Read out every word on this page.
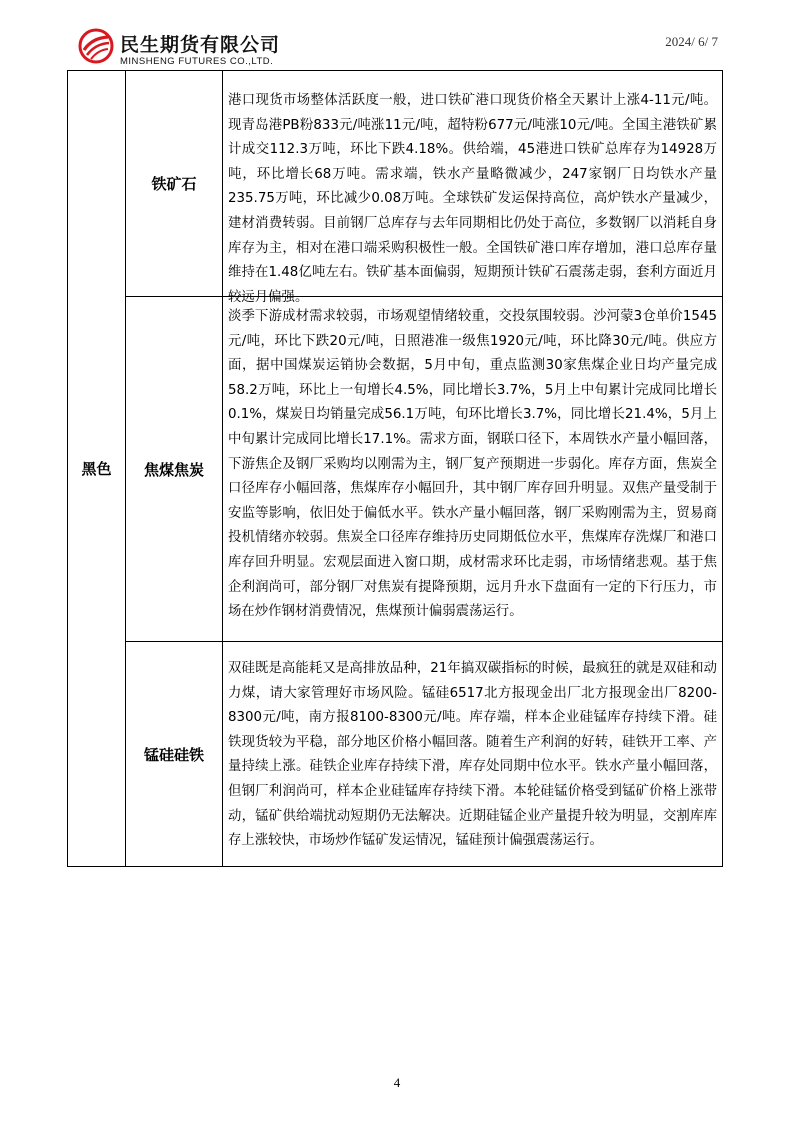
民生期货有限公司
MINSHENG FUTURES CO.,LTD.
2024/ 6/ 7
黑色
铁矿石
港口现货市场整体活跃度一般，进口铁矿港口现货价格全天累计上涨4-11元/吨。现青岛港PB粉833元/吨涨11元/吨，超特粉677元/吨涨10元/吨。全国主港铁矿累计成交112.3万吨，环比下跌4.18%。供给端，45港进口铁矿总库存为14928万吨，环比增长68万吨。需求端，铁水产量略微减少，247家钢厂日均铁水产量235.75万吨，环比减少0.08万吨。全球铁矿发运保持高位，高炉铁水产量减少，建材消费转弱。目前钢厂总库存与去年同期相比仍处于高位，多数钢厂以消耗自身库存为主，相对在港口端采购积极性一般。全国铁矿港口库存增加，港口总库存量维持在1.48亿吨左右。铁矿基本面偏弱，短期预计铁矿石震荡走弱，套利方面近月较远月偏强。
焦煤焦炭
淡季下游成材需求较弱，市场观望情绪较重，交投氛围较弱。沙河蒙3仓单价1545元/吨，环比下跌20元/吨，日照港准一级焦1920元/吨，环比降30元/吨。供应方面，据中国煤炭运销协会数据，5月中旬，重点监测30家焦煤企业日均产量完成58.2万吨，环比上一旬增长4.5%，同比增长3.7%，5月上中旬累计完成同比增长0.1%，煤炭日均销量完成56.1万吨，旬环比增长3.7%，同比增长21.4%，5月上中旬累计完成同比增长17.1%。需求方面，钢联口径下，本周铁水产量小幅回落，下游焦企及钢厂采购均以刚需为主，钢厂复产预期进一步弱化。库存方面，焦炭全口径库存小幅回落，焦煤库存小幅回升，其中钢厂库存回升明显。双焦产量受制于安监等影响，依旧处于偏低水平。铁水产量小幅回落，钢厂采购刚需为主，贸易商投机情绪亦较弱。焦炭全口径库存维持历史同期低位水平，焦煤库存洗煤厂和港口库存回升明显。宏观层面进入窗口期，成材需求环比走弱，市场情绪悲观。基于焦企利润尚可，部分钢厂对焦炭有提降预期，远月升水下盘面有一定的下行压力，市场在炒作钢材消费情况，焦煤预计偏弱震荡运行。
锰硅硅铁
双硅既是高能耗又是高排放品种，21年搞双碳指标的时候，最疯狂的就是双硅和动力煤，请大家管理好市场风险。锰硅6517北方报现金出厂北方报现金出厂8200-8300元/吨，南方报8100-8300元/吨。库存端，样本企业硅锰库存持续下滑。硅铁现货较为平稳，部分地区价格小幅回落。随着生产利润的好转，硅铁开工率、产量持续上涨。硅铁企业库存持续下滑，库存处同期中位水平。铁水产量小幅回落，但钢厂利润尚可，样本企业硅锰库存持续下滑。本轮硅锰价格受到锰矿价格上涨带动，锰矿供给端扰动短期仍无法解决。近期硅锰企业产量提升较为明显，交割库库存上涨较快，市场炒作锰矿发运情况，锰硅预计偏强震荡运行。
4
